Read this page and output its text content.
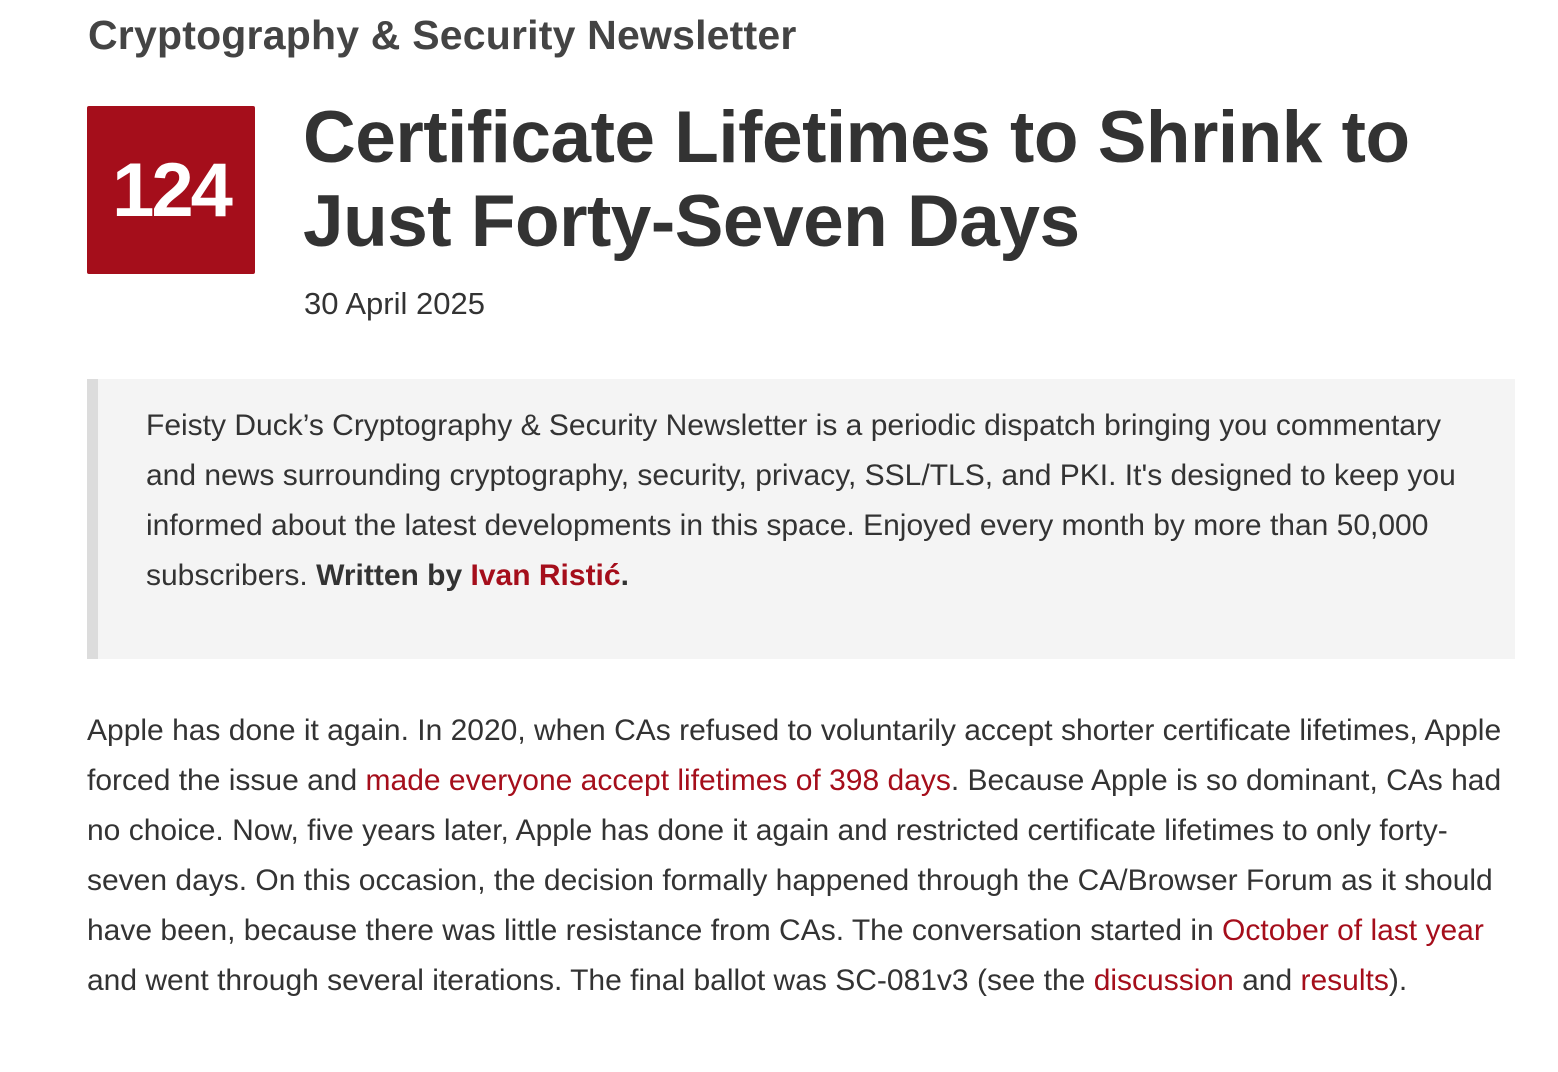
Cryptography & Security Newsletter
124
Certificate Lifetimes to Shrink to Just Forty-Seven Days
30 April 2025
Feisty Duck’s Cryptography & Security Newsletter is a periodic dispatch bringing you commentary and news surrounding cryptography, security, privacy, SSL/TLS, and PKI. It's designed to keep you informed about the latest developments in this space. Enjoyed every month by more than 50,000 subscribers. Written by Ivan Ristić.

Apple has done it again. In 2020, when CAs refused to voluntarily accept shorter certificate lifetimes, Apple forced the issue and made everyone accept lifetimes of 398 days. Because Apple is so dominant, CAs had no choice. Now, five years later, Apple has done it again and restricted certificate lifetimes to only forty-seven days. On this occasion, the decision formally happened through the CA/Browser Forum as it should have been, because there was little resistance from CAs. The conversation started in October of last year and went through several iterations. The final ballot was SC-081v3 (see the discussion and results).
